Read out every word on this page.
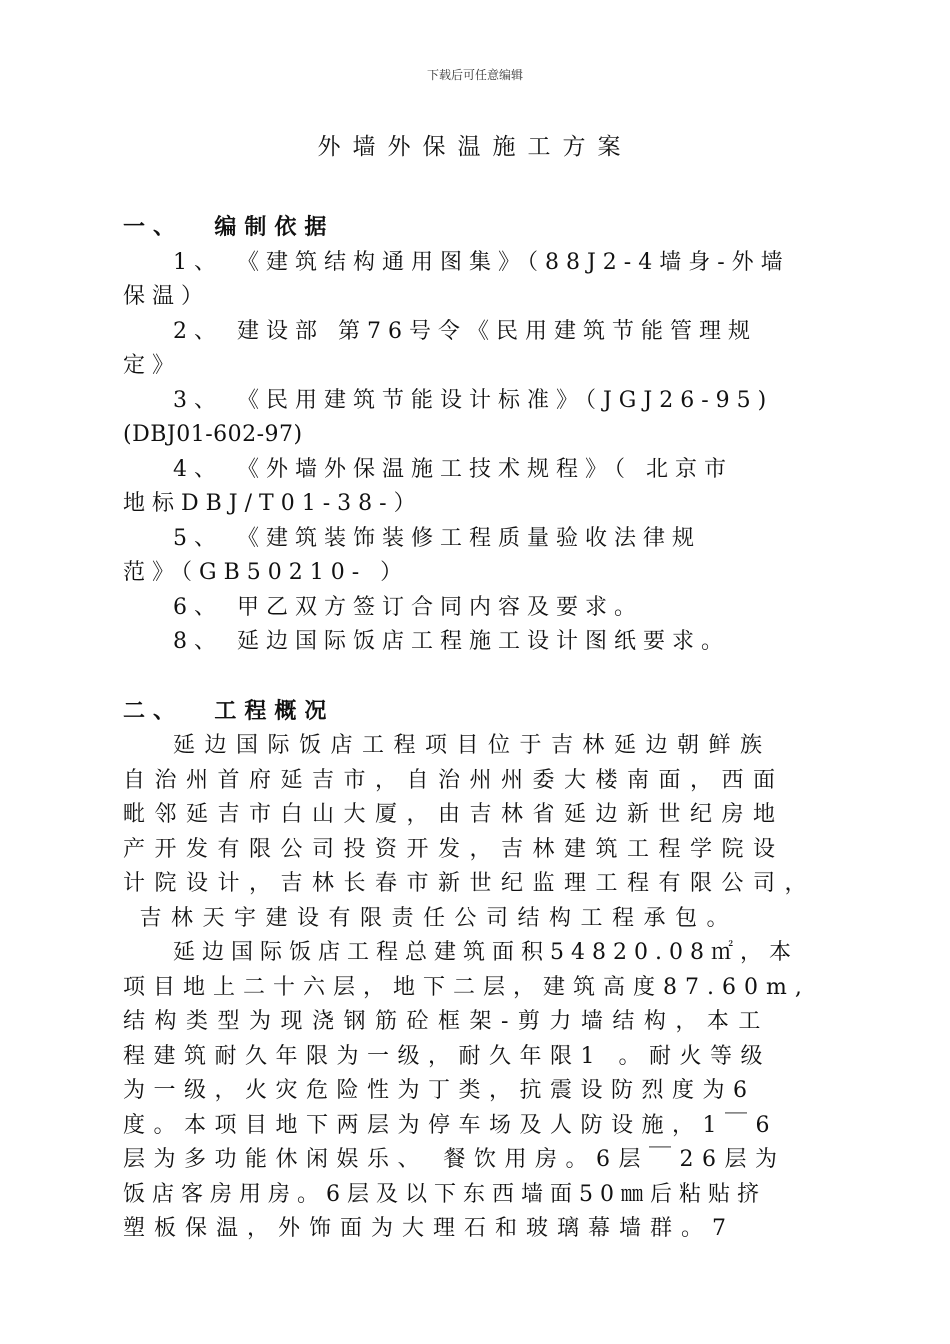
下载后可任意编辑
外墙外保温施工方案
一、  编制依据
1、 《建筑结构通用图集》（88J2-4墙身-外墙
保温）
2、 建设部 第76号令《民用建筑节能管理规
定》
3、 《民用建筑节能设计标准》（JGJ26-95)
(DBJ01-602-97)
4、 《外墙外保温施工技术规程》（ 北京市
地标DBJ/T01-38-）
5、 《建筑装饰装修工程质量验收法律规
范》（GB50210- ）
6、 甲乙双方签订合同内容及要求。
8、 延边国际饭店工程施工设计图纸要求。
二、  工程概况
延边国际饭店工程项目位于吉林延边朝鲜族
自治州首府延吉市，自治州州委大楼南面，西面
毗邻延吉市白山大厦，由吉林省延边新世纪房地
产开发有限公司投资开发，吉林建筑工程学院设
计院设计，吉林长春市新世纪监理工程有限公司，
吉林天宇建设有限责任公司结构工程承包。
延边国际饭店工程总建筑面积54820.08㎡，本
项目地上二十六层，地下二层，建筑高度87.60m,
结构类型为现浇钢筋砼框架-剪力墙结构，本工
程建筑耐久年限为一级，耐久年限1 。耐火等级
为一级，火灾危险性为丁类，抗震设防烈度为6
度。本项目地下两层为停车场及人防设施，1￣6
层为多功能休闲娱乐、 餐饮用房。6层￣26层为
饭店客房用房。6层及以下东西墙面50㎜后粘贴挤
塑板保温，外饰面为大理石和玻璃幕墙群。7
